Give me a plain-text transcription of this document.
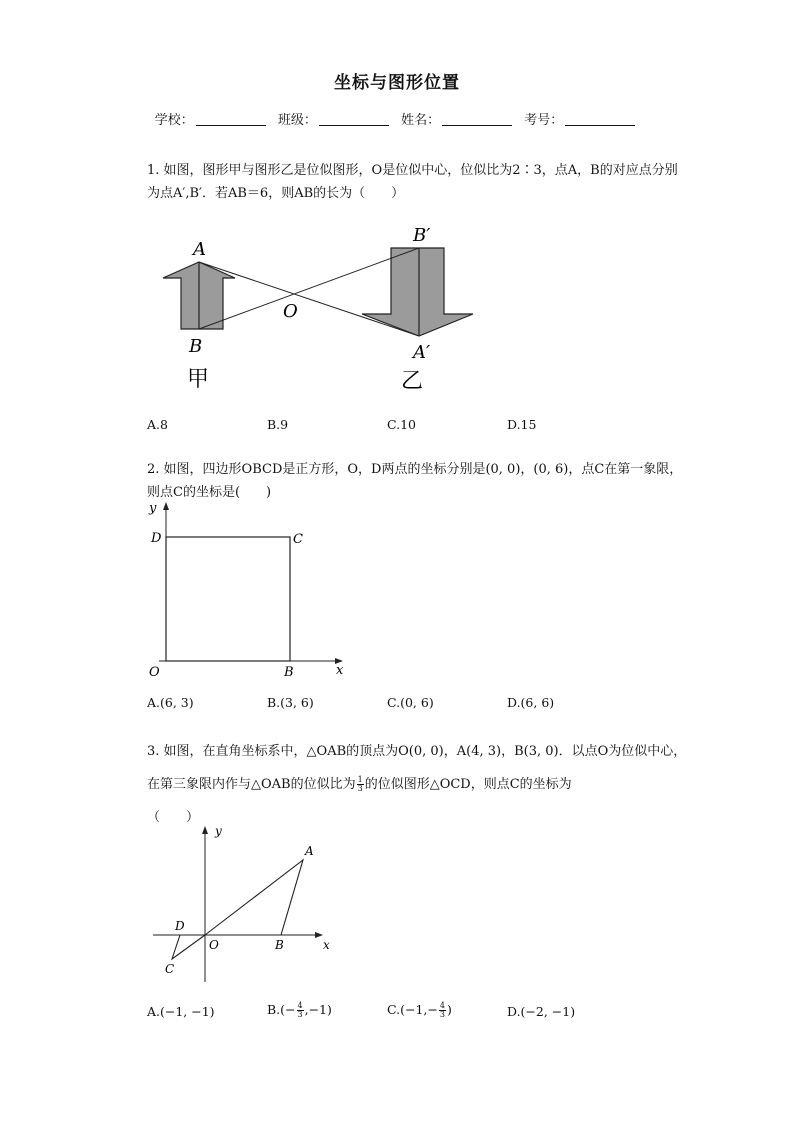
坐标与图形位置
学校：	班级：	姓名：	考号：
1. 如图，图形甲与图形乙是位似图形，O是位似中心，位似比为2∶3，点A，B的对应点分别为点A′,B′．若AB＝6，则AB的长为（　　）
A
B
O
B′
A′
甲	乙
A.8	B.9	C.10	D.15
2. 如图，四边形OBCD是正方形，O，D两点的坐标分别是(0, 0)，(0, 6)，点C在第一象限，则点C的坐标是(　　)
y
x
D	C
O	B
A.(6, 3)	B.(3, 6)	C.(0, 6)	D.(6, 6)
3. 如图，在直角坐标系中，△OAB的顶点为O(0, 0)，A(4, 3)，B(3, 0)．以点O为位似中心，在第三象限内作与△OAB的位似比为 $\frac{1}{3}$ 的位似图形△OCD，则点C的坐标为
（　　）
y
x
A
D
O	B
C
A.(−1, −1)	$B.(- \frac{4}{3} ,-1)$	$C.(-1,- \frac{4}{3}$ )	D.(−2, −1)
